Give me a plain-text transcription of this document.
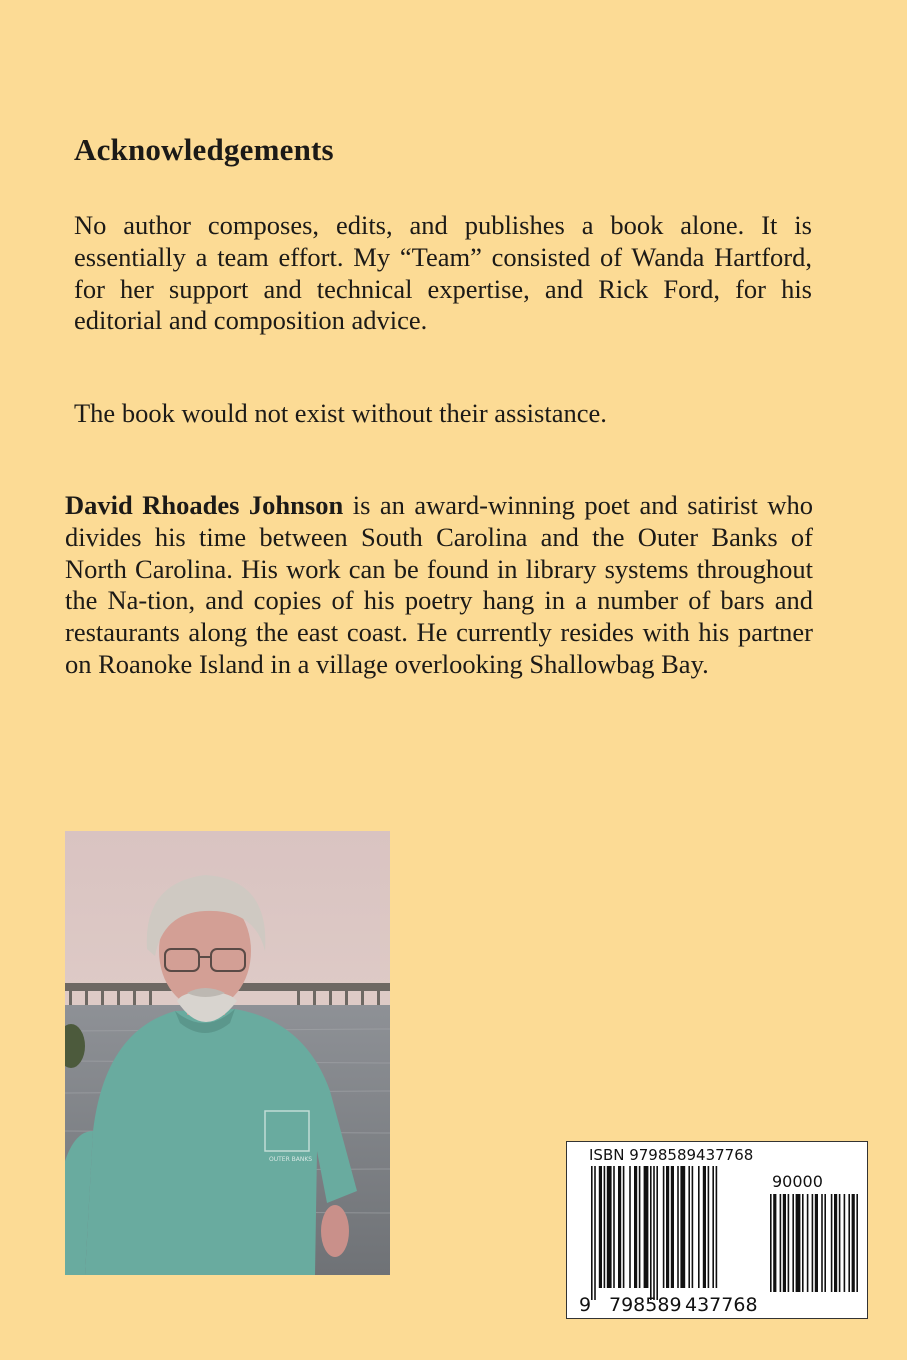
Acknowledgements

No author composes, edits, and publishes a book alone. It is essentially a team effort. My “Team” consisted of Wanda Hartford, for her support and technical expertise, and Rick Ford, for his editorial and composition advice.

The book would not exist without their assistance.

David Rhoades Johnson is an award-winning poet and satirist who divides his time between South Carolina and the Outer Banks of North Carolina. His work can be found in library systems throughout the Na-tion, and copies of his poetry hang in a number of bars and restaurants along the east coast. He currently resides with his partner on Roanoke Island in a village overlooking Shallowbag Bay.

OUTER BANKS	ISBN 9798589437768
90000
9 798589 437768
